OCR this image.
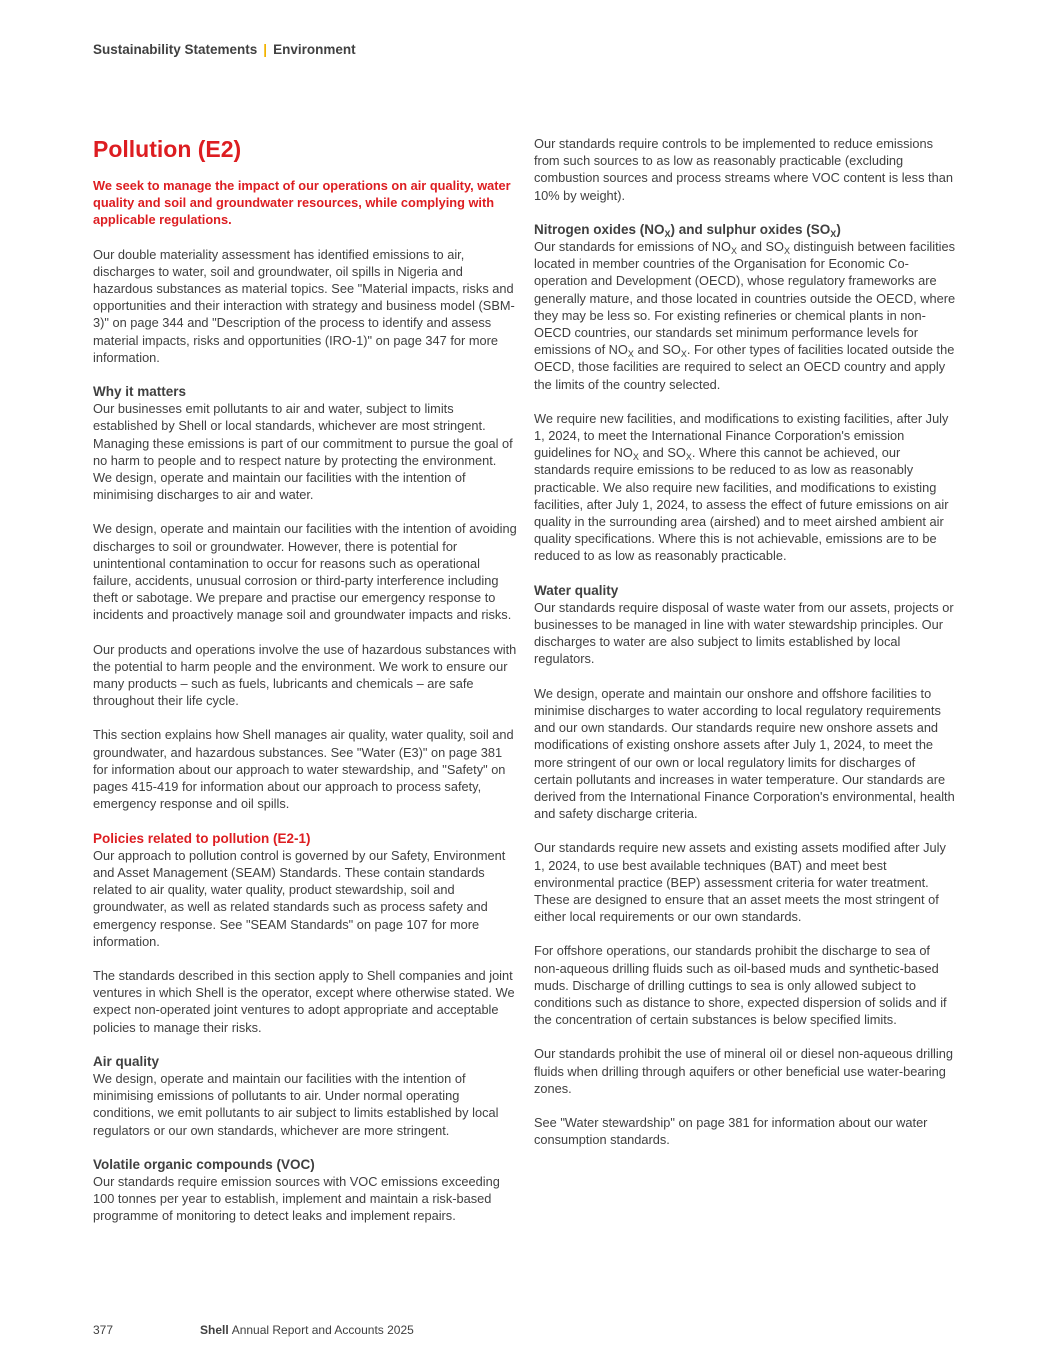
Sustainability Statements | Environment
Pollution (E2)

We seek to manage the impact of our operations on air quality, water quality and soil and groundwater resources, while complying with applicable regulations.

Our double materiality assessment has identified emissions to air, discharges to water, soil and groundwater, oil spills in Nigeria and hazardous substances as material topics. See "Material impacts, risks and opportunities and their interaction with strategy and business model (SBM-3)" on page 344 and "Description of the process to identify and assess material impacts, risks and opportunities (IRO-1)" on page 347 for more information.

Why it matters

Our businesses emit pollutants to air and water, subject to limits established by Shell or local standards, whichever are most stringent. Managing these emissions is part of our commitment to pursue the goal of no harm to people and to respect nature by protecting the environment. We design, operate and maintain our facilities with the intention of minimising discharges to air and water.

We design, operate and maintain our facilities with the intention of avoiding discharges to soil or groundwater. However, there is potential for unintentional contamination to occur for reasons such as operational failure, accidents, unusual corrosion or third-party interference including theft or sabotage. We prepare and practise our emergency response to incidents and proactively manage soil and groundwater impacts and risks.

Our products and operations involve the use of hazardous substances with the potential to harm people and the environment. We work to ensure our many products – such as fuels, lubricants and chemicals – are safe throughout their life cycle.

This section explains how Shell manages air quality, water quality, soil and groundwater, and hazardous substances. See "Water (E3)" on page 381 for information about our approach to water stewardship, and "Safety" on pages 415-419 for information about our approach to process safety, emergency response and oil spills.

Policies related to pollution (E2-1)

Our approach to pollution control is governed by our Safety, Environment and Asset Management (SEAM) Standards. These contain standards related to air quality, water quality, product stewardship, soil and groundwater, as well as related standards such as process safety and emergency response. See "SEAM Standards" on page 107 for more information.

The standards described in this section apply to Shell companies and joint ventures in which Shell is the operator, except where otherwise stated. We expect non-operated joint ventures to adopt appropriate and acceptable policies to manage their risks.

Air quality

We design, operate and maintain our facilities with the intention of minimising emissions of pollutants to air. Under normal operating conditions, we emit pollutants to air subject to limits established by local regulators or our own standards, whichever are more stringent.

Volatile organic compounds (VOC)

Our standards require emission sources with VOC emissions exceeding 100 tonnes per year to establish, implement and maintain a risk-based programme of monitoring to detect leaks and implement repairs.

Our standards require controls to be implemented to reduce emissions from such sources to as low as reasonably practicable (excluding combustion sources and process streams where VOC content is less than 10% by weight).

Nitrogen oxides $(NO_X)$ and sulphur oxides $(SO_X)$

Our standards for emissions of $NO_X$ and $SO_X$ distinguish between facilities located in member countries of the Organisation for Economic Co-operation and Development (OECD), whose regulatory frameworks are generally mature, and those located in countries outside the OECD, where they may be less so. For existing refineries or chemical plants in non-OECD countries, our standards set minimum performance levels for emissions of $NO_X$ and $SO_X$. For other types of facilities located outside the OECD, those facilities are required to select an OECD country and apply the limits of the country selected.

We require new facilities, and modifications to existing facilities, after July 1, 2024, to meet the International Finance Corporation's emission guidelines for $NO_X$ and $SO_X$. Where this cannot be achieved, our standards require emissions to be reduced to as low as reasonably practicable. We also require new facilities, and modifications to existing facilities, after July 1, 2024, to assess the effect of future emissions on air quality in the surrounding area (airshed) and to meet airshed ambient air quality specifications. Where this is not achievable, emissions are to be reduced to as low as reasonably practicable.

Water quality

Our standards require disposal of waste water from our assets, projects or businesses to be managed in line with water stewardship principles. Our discharges to water are also subject to limits established by local regulators.

We design, operate and maintain our onshore and offshore facilities to minimise discharges to water according to local regulatory requirements and our own standards. Our standards require new onshore assets and modifications of existing onshore assets after July 1, 2024, to meet the more stringent of our own or local regulatory limits for discharges of certain pollutants and increases in water temperature. Our standards are derived from the International Finance Corporation's environmental, health and safety discharge criteria.

Our standards require new assets and existing assets modified after July 1, 2024, to use best available techniques (BAT) and meet best environmental practice (BEP) assessment criteria for water treatment. These are designed to ensure that an asset meets the most stringent of either local requirements or our own standards.

For offshore operations, our standards prohibit the discharge to sea of non-aqueous drilling fluids such as oil-based muds and synthetic-based muds. Discharge of drilling cuttings to sea is only allowed subject to conditions such as distance to shore, expected dispersion of solids and if the concentration of certain substances is below specified limits.

Our standards prohibit the use of mineral oil or diesel non-aqueous drilling fluids when drilling through aquifers or other beneficial use water-bearing zones.

See "Water stewardship" on page 381 for information about our water consumption standards.

377	Shell Annual Report and Accounts 2025
